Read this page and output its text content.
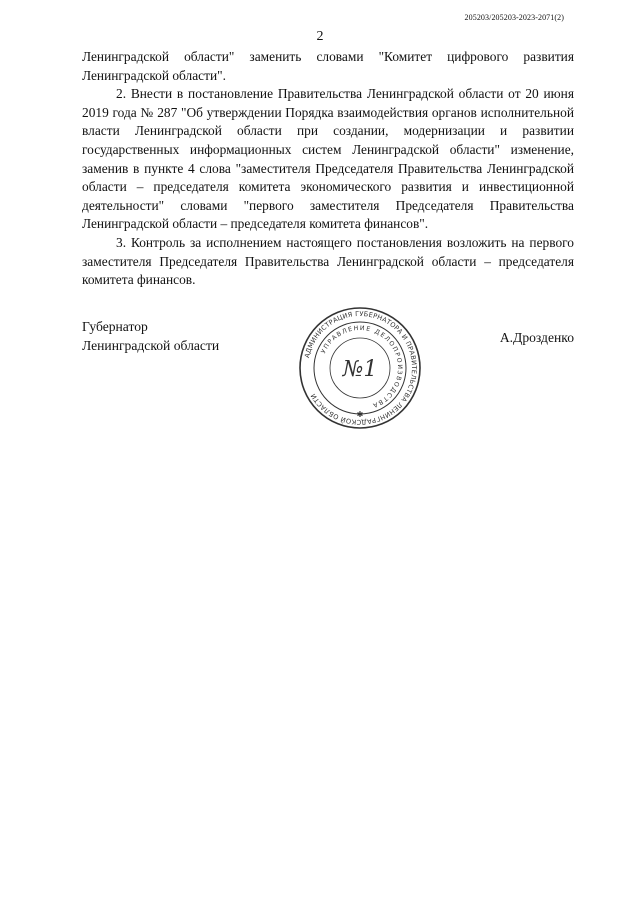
205203/205203-2023-2071(2)
2

Ленинградской области" заменить словами "Комитет цифрового развития Ленинградской области".

2. Внести в постановление Правительства Ленинградской области от 20 июня 2019 года № 287 "Об утверждении Порядка взаимодействия органов исполнительной власти Ленинградской области при создании, модернизации и развитии государственных информационных систем Ленинградской области" изменение, заменив в пункте 4 слова "заместителя Председателя Правительства Ленинградской области – председателя комитета экономического развития и инвестиционной деятельности" словами "первого заместителя Председателя Правительства Ленинградской области – председателя комитета финансов".

3. Контроль за исполнением настоящего постановления возложить на первого заместителя Председателя Правительства Ленинградской области – председателя комитета финансов.

Губернатор
Ленинградской области
АДМИНИСТРАЦИЯ ГУБЕРНАТОРА И ПРАВИТЕЛЬСТВА ЛЕНИНГРАДСКОЙ ОБЛАСТИ
УПРАВЛЕНИЕ ДЕЛОПРОИЗВОДСТВА
№1
✱
А.Дрозденко
